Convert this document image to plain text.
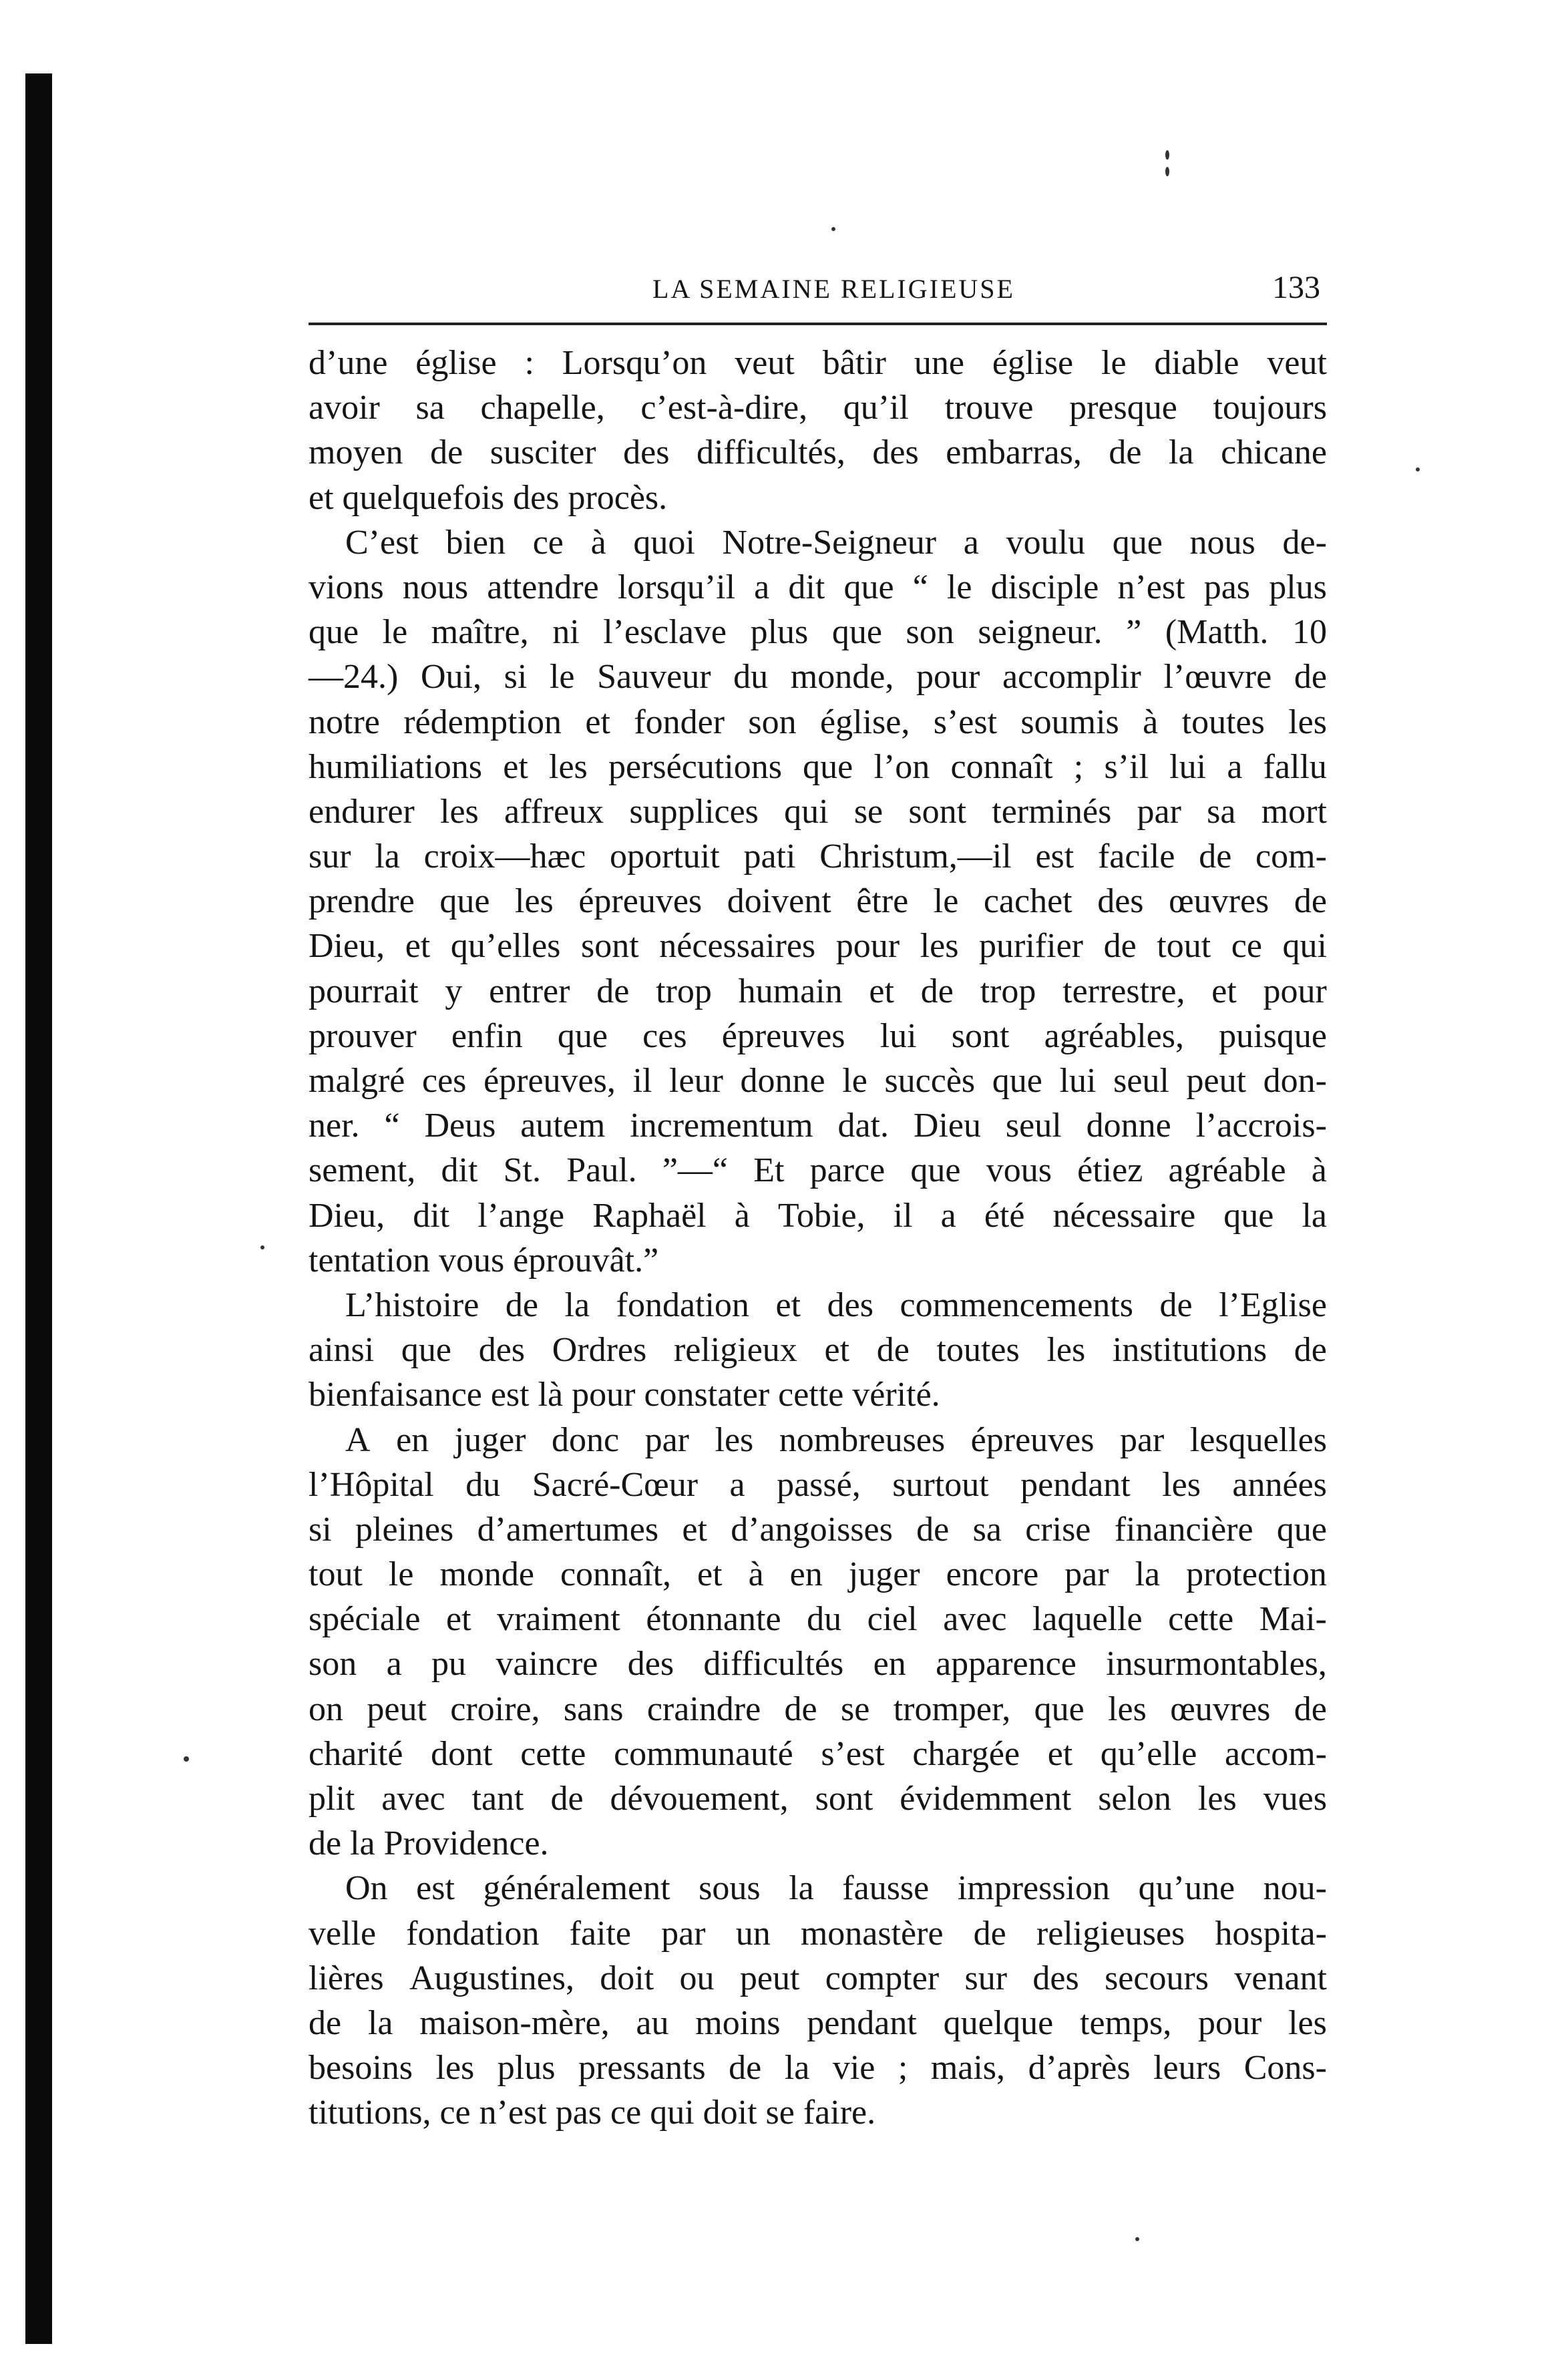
LA SEMAINE RELIGIEUSE	133
d’une église : Lorsqu’on veut bâtir une église le diable veut
avoir sa chapelle, c’est-à-dire, qu’il trouve presque toujours
moyen de susciter des difficultés, des embarras, de la chicane
et quelquefois des procès.
C’est bien ce à quoi Notre-Seigneur a voulu que nous de-
vions nous attendre lorsqu’il a dit que “ le disciple n’est pas plus
que le maître, ni l’esclave plus que son seigneur. ” (Matth. 10
—24.) Oui, si le Sauveur du monde, pour accomplir l’œuvre de
notre rédemption et fonder son église, s’est soumis à toutes les
humiliations et les persécutions que l’on connaît ; s’il lui a fallu
endurer les affreux supplices qui se sont terminés par sa mort
sur la croix—hæc oportuit pati Christum,—il est facile de com-
prendre que les épreuves doivent être le cachet des œuvres de
Dieu, et qu’elles sont nécessaires pour les purifier de tout ce qui
pourrait y entrer de trop humain et de trop terrestre, et pour
prouver enfin que ces épreuves lui sont agréables, puisque
malgré ces épreuves, il leur donne le succès que lui seul peut don-
ner. “ Deus autem incrementum dat. Dieu seul donne l’accrois-
sement, dit St. Paul. ”—“ Et parce que vous étiez agréable à
Dieu, dit l’ange Raphaël à Tobie, il a été nécessaire que la
tentation vous éprouvât.”
L’histoire de la fondation et des commencements de l’Eglise
ainsi que des Ordres religieux et de toutes les institutions de
bienfaisance est là pour constater cette vérité.
A en juger donc par les nombreuses épreuves par lesquelles
l’Hôpital du Sacré-Cœur a passé, surtout pendant les années
si pleines d’amertumes et d’angoisses de sa crise financière que
tout le monde connaît, et à en juger encore par la protection
spéciale et vraiment étonnante du ciel avec laquelle cette Mai-
son a pu vaincre des difficultés en apparence insurmontables,
on peut croire, sans craindre de se tromper, que les œuvres de
charité dont cette communauté s’est chargée et qu’elle accom-
plit avec tant de dévouement, sont évidemment selon les vues
de la Providence.
On est généralement sous la fausse impression qu’une nou-
velle fondation faite par un monastère de religieuses hospita-
lières Augustines, doit ou peut compter sur des secours venant
de la maison-mère, au moins pendant quelque temps, pour les
besoins les plus pressants de la vie ; mais, d’après leurs Cons-
titutions, ce n’est pas ce qui doit se faire.
